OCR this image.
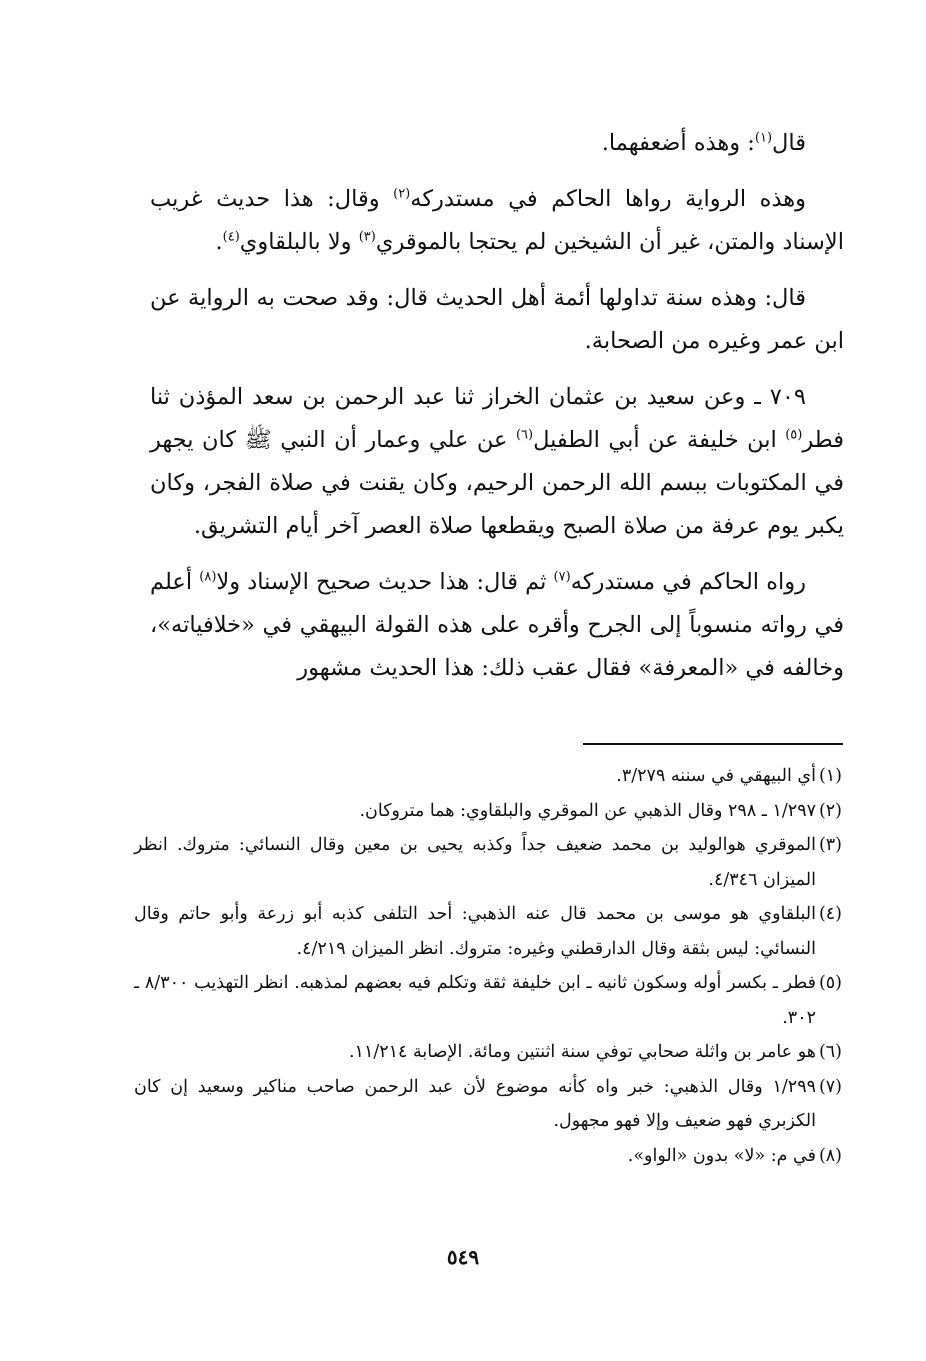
قال$^{(١)}$: وهذه أضعفهما.

وهذه الرواية رواها الحاكم في مستدركه$^{(٢)}$ وقال: هذا حديث غريب الإسناد والمتن، غير أن الشيخين لم يحتجا بالموقري$^{(٣)}$ ولا بالبلقاوي$^{(٤)}$.

قال: وهذه سنة تداولها أئمة أهل الحديث قال: وقد صحت به الرواية عن ابن عمر وغيره من الصحابة.

٧٠٩ ـ وعن سعيد بن عثمان الخراز ثنا عبد الرحمن بن سعد المؤذن ثنا فطر$^{(٥)}$ ابن خليفة عن أبي الطفيل$^{(٦)}$ عن علي وعمار أن النبي ﷺ كان يجهر في المكتوبات ببسم الله الرحمن الرحيم، وكان يقنت في صلاة الفجر، وكان يكبر يوم عرفة من صلاة الصبح ويقطعها صلاة العصر آخر أيام التشريق.

رواه الحاكم في مستدركه$^{(٧)}$ ثم قال: هذا حديث صحيح الإسناد ولا$^{(٨)}$ أعلم في رواته منسوباً إلى الجرح وأقره على هذه القولة البيهقي في «خلافياته»، وخالفه في «المعرفة» فقال عقب ذلك: هذا الحديث مشهور

(١)
أي البيهقي في سننه ٣/٢٧٩.

(٢)
١/٢٩٧ ـ ٢٩٨ وقال الذهبي عن الموقري والبلقاوي: هما متروكان.

(٣)
الموقري هوالوليد بن محمد ضعيف جداً وكذبه يحيى بن معين وقال النسائي: متروك. انظر الميزان ٤/٣٤٦.

(٤)
البلقاوي هو موسى بن محمد قال عنه الذهبي: أحد التلفى كذبه أبو زرعة وأبو حاتم وقال النسائي: ليس بثقة وقال الدارقطني وغيره: متروك. انظر الميزان ٤/٢١٩.

(٥)
فطر ـ بكسر أوله وسكون ثانيه ـ ابن خليفة ثقة وتكلم فيه بعضهم لمذهبه. انظر التهذيب ٨/٣٠٠ ـ ٣٠٢.

(٦)
هو عامر بن واثلة صحابي توفي سنة اثنتين ومائة. الإصابة ١١/٢١٤.

(٧)
١/٢٩٩ وقال الذهبي: خبر واه كأنه موضوع لأن عبد الرحمن صاحب مناكير وسعيد إن كان الكزبري فهو ضعيف وإلا فهو مجهول.

(٨)
في م: «لا» بدون «الواو».

٥٤٩
